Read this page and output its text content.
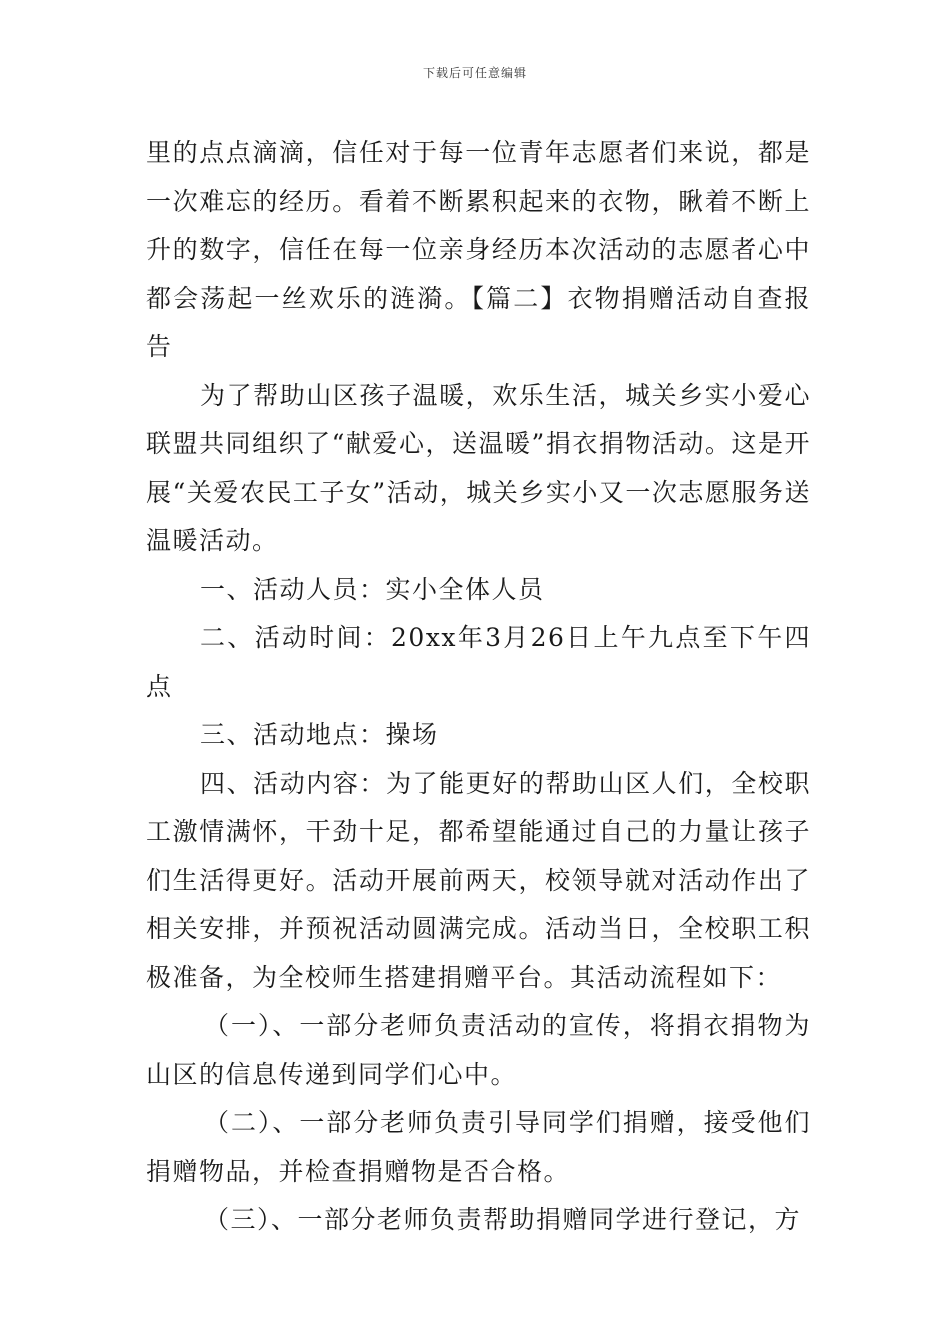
下载后可任意编辑

里的点点滴滴，信任对于每一位青年志愿者们来说，都是一次难忘的经历。看着不断累积起来的衣物，瞅着不断上升的数字，信任在每一位亲身经历本次活动的志愿者心中都会荡起一丝欢乐的涟漪。【篇二】衣物捐赠活动自查报告

为了帮助山区孩子温暖，欢乐生活，城关乡实小爱心联盟共同组织了“献爱心，送温暖”捐衣捐物活动。这是开展“关爱农民工子女”活动，城关乡实小又一次志愿服务送温暖活动。

一、活动人员：实小全体人员

二、活动时间：20xx年3月26日上午九点至下午四点

三、活动地点：操场

四、活动内容：为了能更好的帮助山区人们，全校职工激情满怀，干劲十足，都希望能通过自己的力量让孩子们生活得更好。活动开展前两天，校领导就对活动作出了相关安排，并预祝活动圆满完成。活动当日，全校职工积极准备，为全校师生搭建捐赠平台。其活动流程如下：

（一）、一部分老师负责活动的宣传，将捐衣捐物为山区的信息传递到同学们心中。

（二）、一部分老师负责引导同学们捐赠，接受他们捐赠物品，并检查捐赠物是否合格。

（三）、一部分老师负责帮助捐赠同学进行登记，方
